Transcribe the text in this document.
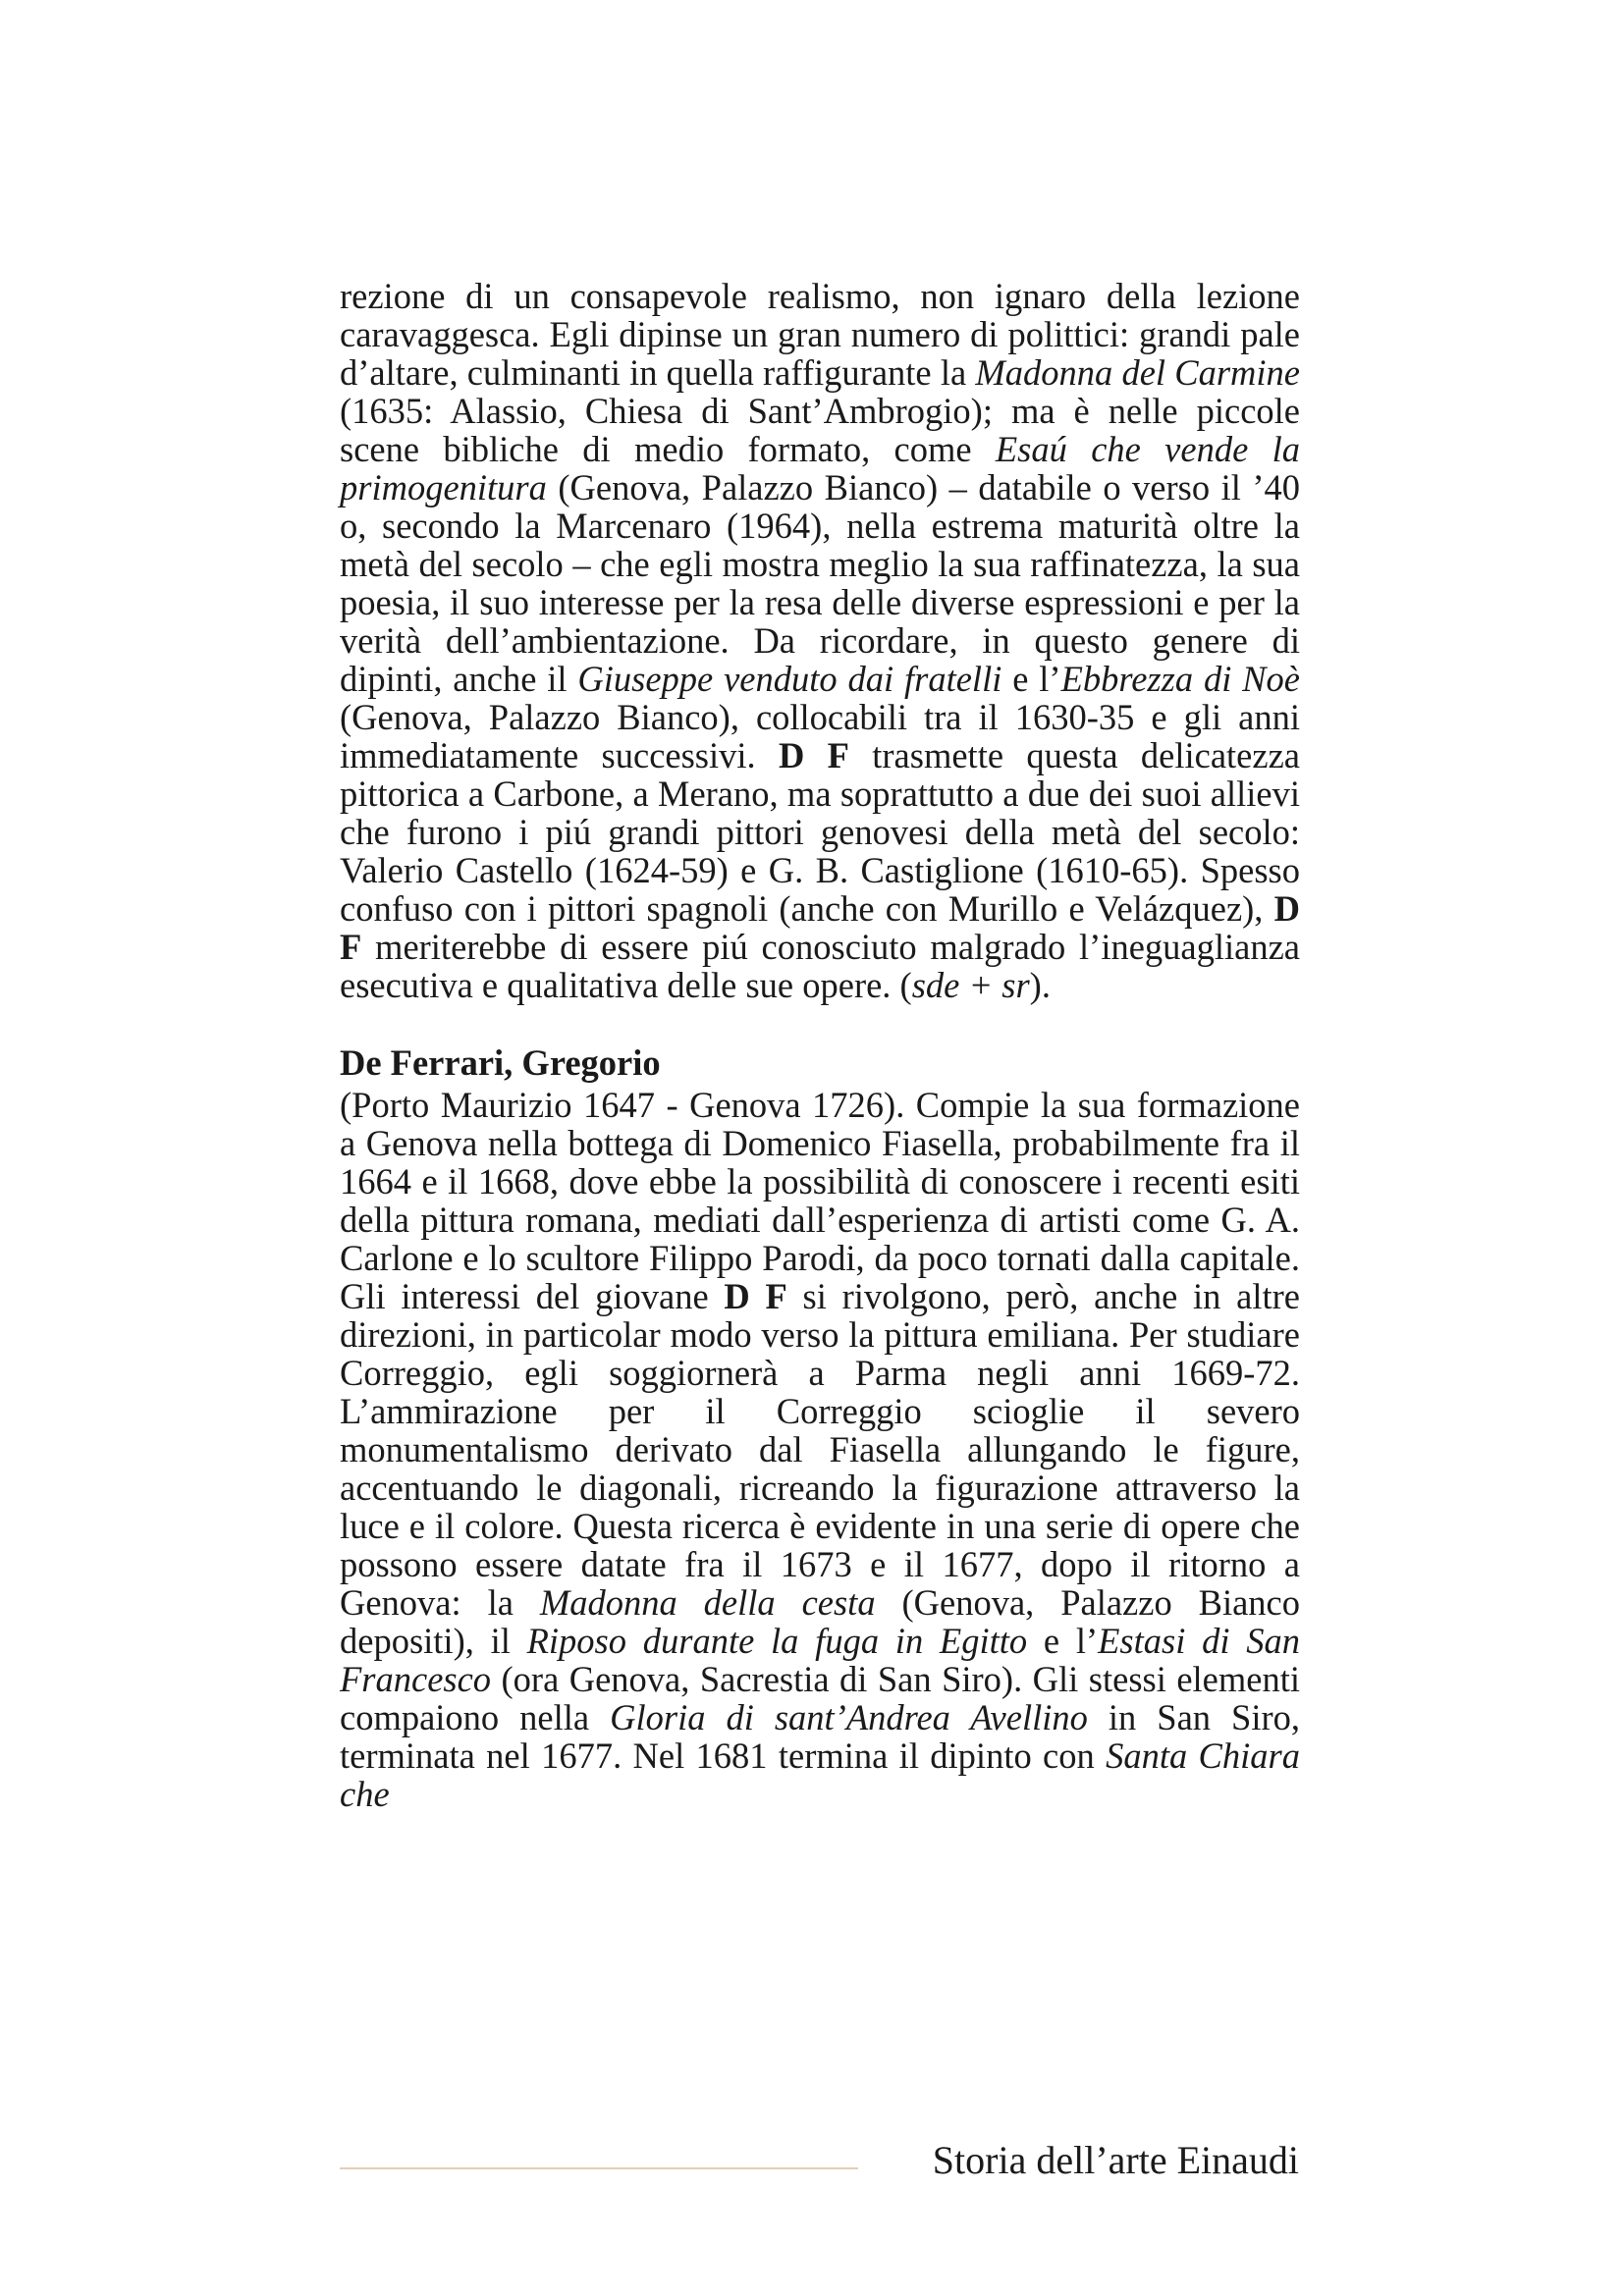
rezione di un consapevole realismo, non ignaro della lezione caravaggesca. Egli dipinse un gran numero di polittici: grandi pale d’altare, culminanti in quella raffigurante la Madonna del Carmine (1635: Alassio, Chiesa di Sant’Ambrogio); ma è nelle piccole scene bibliche di medio formato, come Esaú che vende la primogenitura (Genova, Palazzo Bianco) – databile o verso il ’40 o, secondo la Marcenaro (1964), nella estrema maturità oltre la metà del secolo – che egli mostra meglio la sua raffinatezza, la sua poesia, il suo interesse per la resa delle diverse espressioni e per la verità dell’ambientazione. Da ricordare, in questo genere di dipinti, anche il Giuseppe venduto dai fratelli e l’Ebbrezza di Noè (Genova, Palazzo Bianco), collocabili tra il 1630-35 e gli anni immediatamente successivi. D F trasmette questa delicatezza pittorica a Carbone, a Merano, ma soprattutto a due dei suoi allievi che furono i piú grandi pittori genovesi della metà del secolo: Valerio Castello (1624-59) e G. B. Castiglione (1610-65). Spesso confuso con i pittori spagnoli (anche con Murillo e Velázquez), D F meriterebbe di essere piú conosciuto malgrado l’ineguaglianza esecutiva e qualitativa delle sue opere. (sde + sr).

De Ferrari, Gregorio

(Porto Maurizio 1647 - Genova 1726). Compie la sua formazione a Genova nella bottega di Domenico Fiasella, probabilmente fra il 1664 e il 1668, dove ebbe la possibilità di conoscere i recenti esiti della pittura romana, mediati dall’esperienza di artisti come G. A. Carlone e lo scultore Filippo Parodi, da poco tornati dalla capitale. Gli interessi del giovane D F si rivolgono, però, anche in altre direzioni, in particolar modo verso la pittura emiliana. Per studiare Correggio, egli soggiornerà a Parma negli anni 1669-72. L’ammirazione per il Correggio scioglie il severo monumentalismo derivato dal Fiasella allungando le figure, accentuando le diagonali, ricreando la figurazione attraverso la luce e il colore. Questa ricerca è evidente in una serie di opere che possono essere datate fra il 1673 e il 1677, dopo il ritorno a Genova: la Madonna della cesta (Genova, Palazzo Bianco depositi), il Riposo durante la fuga in Egitto e l’Estasi di San Francesco (ora Genova, Sacrestia di San Siro). Gli stessi elementi compaiono nella Gloria di sant’Andrea Avellino in San Siro, terminata nel 1677. Nel 1681 termina il dipinto con Santa Chiara che

Storia dell’arte Einaudi
